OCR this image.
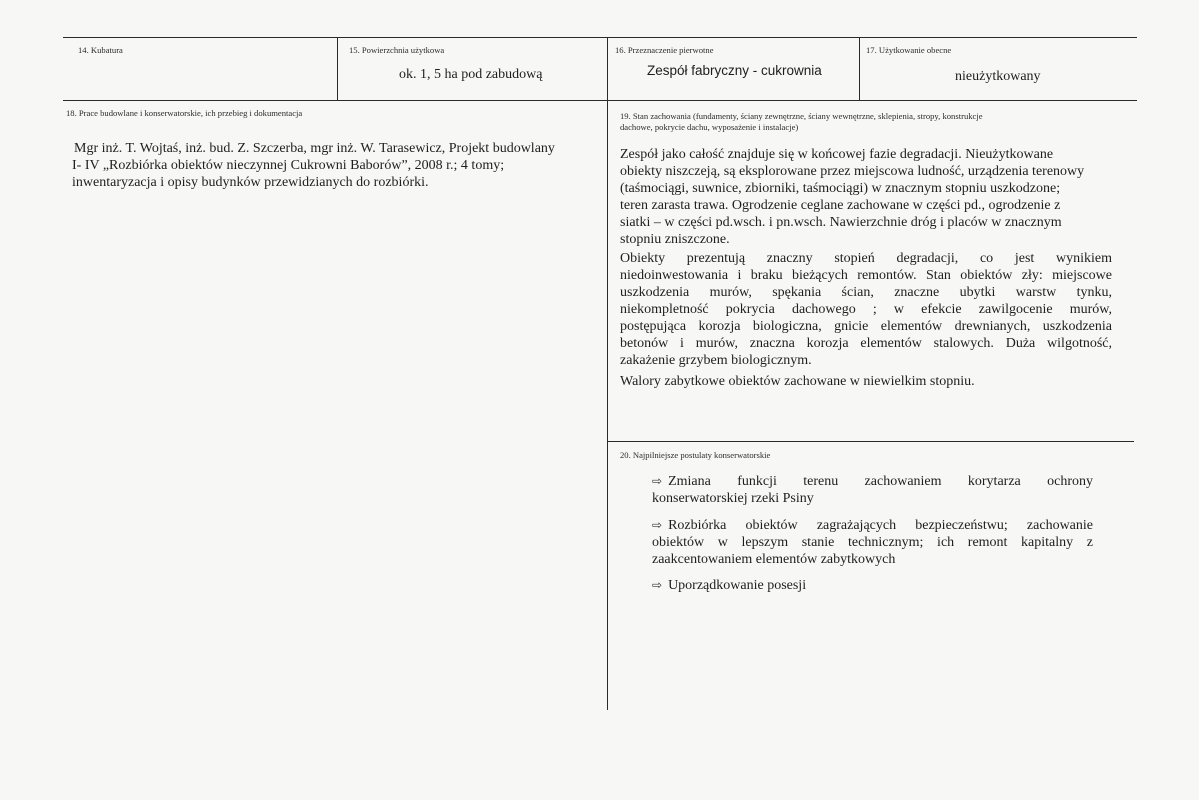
14. Kubatura	15. Powierzchnia użytkowa
ok. 1, 5 ha pod zabudową
16. Przeznaczenie pierwotne
Zespół fabryczny - cukrownia
17. Użytkowanie obecne
nieużytkowany
18. Prace budowlane i konserwatorskie, ich przebieg i dokumentacja
Mgr inż. T. Wojtaś, inż. bud. Z. Szczerba, mgr inż. W. Tarasewicz, Projekt budowlany
I- IV „Rozbiórka obiektów nieczynnej Cukrowni Baborów”, 2008 r.; 4 tomy;
inwentaryzacja i opisy budynków przewidzianych do rozbiórki.
19. Stan zachowania (fundamenty, ściany zewnętrzne, ściany wewnętrzne, sklepienia, stropy, konstrukcje
dachowe, pokrycie dachu, wyposażenie i instalacje)
Zespół jako całość znajduje się w końcowej fazie degradacji. Nieużytkowane
obiekty niszczeją, są eksplorowane przez miejscowa ludność, urządzenia terenowy
(taśmociągi, suwnice, zbiorniki, taśmociągi) w znacznym stopniu uszkodzone;
teren zarasta trawa. Ogrodzenie ceglane zachowane w części pd., ogrodzenie z
siatki – w części pd.wsch. i pn.wsch. Nawierzchnie dróg i placów w znacznym
stopniu zniszczone.
Obiekty prezentują znaczny stopień degradacji, co jest wynikiem
niedoinwestowania i braku bieżących remontów. Stan obiektów zły: miejscowe
uszkodzenia murów, spękania ścian, znaczne ubytki warstw tynku,
niekompletność pokrycia dachowego ; w efekcie zawilgocenie murów,
postępująca korozja biologiczna, gnicie elementów drewnianych, uszkodzenia
betonów i murów, znaczna korozja elementów stalowych. Duża wilgotność,
zakażenie grzybem biologicznym.
Walory zabytkowe obiektów zachowane w niewielkim stopniu.
20. Najpilniejsze postulaty konserwatorskie
⇨ Zmiana funkcji terenu zachowaniem korytarza ochrony
konserwatorskiej rzeki Psiny
⇨ Rozbiórka obiektów zagrażających bezpieczeństwu; zachowanie
obiektów w lepszym stanie technicznym; ich remont kapitalny z
zaakcentowaniem elementów zabytkowych
⇨ Uporządkowanie posesji
